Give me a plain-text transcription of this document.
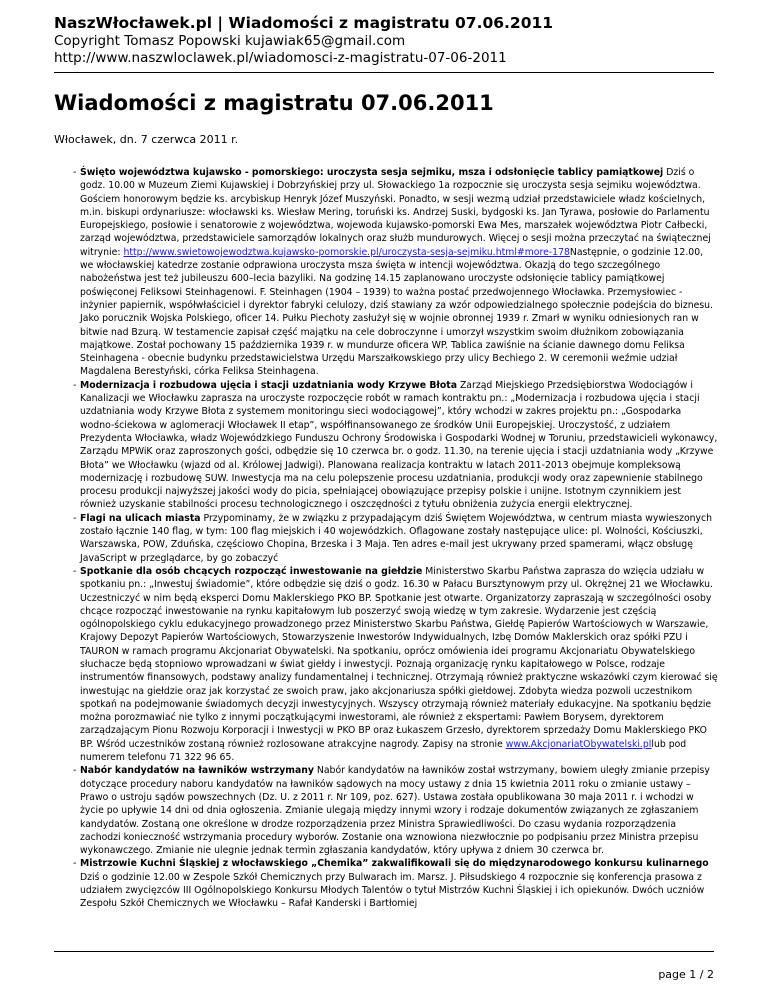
NaszWłocławek.pl | Wiadomości z magistratu 07.06.2011
Copyright Tomasz Popowski kujawiak65@gmail.com
http://www.naszwloclawek.pl/wiadomosci-z-magistratu-07-06-2011
Wiadomości z magistratu 07.06.2011
Włocławek, dn. 7 czerwca 2011 r.
- Święto województwa kujawsko - pomorskiego: uroczysta sesja sejmiku, msza i odsłonięcie tablicy pamiątkowej Dziś o godz. 10.00 w Muzeum Ziemi Kujawskiej i Dobrzyńskiej przy ul. Słowackiego 1a rozpocznie się uroczysta sesja sejmiku województwa. Gościem honorowym będzie ks. arcybiskup Henryk Józef Muszyński. Ponadto, w sesji wezmą udział przedstawiciele władz kościelnych, m.in. biskupi ordynariusze: włocławski ks. Wiesław Mering, toruński ks. Andrzej Suski, bydgoski ks. Jan Tyrawa, posłowie do Parlamentu Europejskiego, posłowie i senatorowie z województwa, wojewoda kujawsko-pomorski Ewa Mes, marszałek województwa Piotr Całbecki, zarząd województwa, przedstawiciele samorządów lokalnych oraz służb mundurowych. Więcej o sesji można przeczytać na świątecznej witrynie: http://www.swietowojewodztwa.kujawsko-pomorskie.pl/uroczysta-sesja-sejmiku.html#more-178Następnie, o godzinie 12.00, we włocławskiej katedrze zostanie odprawiona uroczysta msza święta w intencji województwa. Okazją do tego szczególnego nabożeństwa jest też jubileuszu 600–lecia bazyliki. Na godzinę 14.15 zaplanowano uroczyste odsłonięcie tablicy pamiątkowej poświęconej Feliksowi Steinhagenowi. F. Steinhagen (1904 – 1939) to ważna postać przedwojennego Włocławka. Przemysłowiec - inżynier papiernik, współwłaściciel i dyrektor fabryki celulozy, dziś stawiany za wzór odpowiedzialnego społecznie podejścia do biznesu. Jako porucznik Wojska Polskiego, oficer 14. Pułku Piechoty zasłużył się w wojnie obronnej 1939 r. Zmarł w wyniku odniesionych ran w bitwie nad Bzurą. W testamencie zapisał część majątku na cele dobroczynne i umorzył wszystkim swoim dłużnikom zobowiązania majątkowe. Został pochowany 15 października 1939 r. w mundurze oficera WP. Tablica zawiśnie na ścianie dawnego domu Feliksa Steinhagena - obecnie budynku przedstawicielstwa Urzędu Marszałkowskiego przy ulicy Bechiego 2. W ceremonii weźmie udział Magdalena Berestyński, córka Feliksa Steinhagena.
- Modernizacja i rozbudowa ujęcia i stacji uzdatniania wody Krzywe Błota Zarząd Miejskiego Przedsiębiorstwa Wodociągów i Kanalizacji we Włocławku zaprasza na uroczyste rozpoczęcie robót w ramach kontraktu pn.: „Modernizacja i rozbudowa ujęcia i stacji uzdatniania wody Krzywe Błota z systemem monitoringu sieci wodociągowej”, który wchodzi w zakres projektu pn.: „Gospodarka wodno-ściekowa w aglomeracji Włocławek II etap”, współfinansowanego ze środków Unii Europejskiej. Uroczystość, z udziałem Prezydenta Włocławka, władz Wojewódzkiego Funduszu Ochrony Środowiska i Gospodarki Wodnej w Toruniu, przedstawicieli wykonawcy, Zarządu MPWiK oraz zaproszonych gości, odbędzie się 10 czerwca br. o godz. 11.30, na terenie ujęcia i stacji uzdatniania wody „Krzywe Błota” we Włocławku (wjazd od al. Królowej Jadwigi). Planowana realizacja kontraktu w latach 2011-2013 obejmuje kompleksową modernizację i rozbudowę SUW. Inwestycja ma na celu polepszenie procesu uzdatniania, produkcji wody oraz zapewnienie stabilnego procesu produkcji najwyższej jakości wody do picia, spełniającej obowiązujące przepisy polskie i unijne. Istotnym czynnikiem jest również uzyskanie stabilności procesu technologicznego i oszczędności z tytułu obniżenia zużycia energii elektrycznej.
- Flagi na ulicach miasta Przypominamy, że w związku z przypadającym dziś Świętem Województwa, w centrum miasta wywieszonych zostało łącznie 140 flag, w tym: 100 flag miejskich i 40 wojewódzkich. Oflagowane zostały następujące ulice: pl. Wolności, Kościuszki, Warszawska, POW, Zduńska, częściowo Chopina, Brzeska i 3 Maja. Ten adres e-mail jest ukrywany przed spamerami, włącz obsługę JavaScript w przeglądarce, by go zobaczyć
- Spotkanie dla osób chcących rozpocząć inwestowanie na giełdzie Ministerstwo Skarbu Państwa zaprasza do wzięcia udziału w spotkaniu pn.: „Inwestuj świadomie”, które odbędzie się dziś o godz. 16.30 w Pałacu Bursztynowym przy ul. Okrężnej 21 we Włocławku. Uczestniczyć w nim będą eksperci Domu Maklerskiego PKO BP. Spotkanie jest otwarte. Organizatorzy zapraszają w szczególności osoby chcące rozpocząć inwestowanie na rynku kapitałowym lub poszerzyć swoją wiedzę w tym zakresie. Wydarzenie jest częścią ogólnopolskiego cyklu edukacyjnego prowadzonego przez Ministerstwo Skarbu Państwa, Giełdę Papierów Wartościowych w Warszawie, Krajowy Depozyt Papierów Wartościowych, Stowarzyszenie Inwestorów Indywidualnych, Izbę Domów Maklerskich oraz spółki PZU i TAURON w ramach programu Akcjonariat Obywatelski. Na spotkaniu, oprócz omówienia idei programu Akcjonariatu Obywatelskiego słuchacze będą stopniowo wprowadzani w świat giełdy i inwestycji. Poznają organizację rynku kapitałowego w Polsce, rodzaje instrumentów finansowych, podstawy analizy fundamentalnej i technicznej. Otrzymają również praktyczne wskazówki czym kierować się inwestując na giełdzie oraz jak korzystać ze swoich praw, jako akcjonariusza spółki giełdowej. Zdobyta wiedza pozwoli uczestnikom spotkań na podejmowanie świadomych decyzji inwestycyjnych. Wszyscy otrzymają również materiały edukacyjne. Na spotkaniu będzie można porozmawiać nie tylko z innymi początkującymi inwestorami, ale również z ekspertami: Pawłem Borysem, dyrektorem zarządzającym Pionu Rozwoju Korporacji i Inwestycji w PKO BP oraz Łukaszem Grzesło, dyrektorem sprzedaży Domu Maklerskiego PKO BP. Wśród uczestników zostaną również rozlosowane atrakcyjne nagrody. Zapisy na stronie www.AkcjonariatObywatelski.pllub pod numerem telefonu 71 322 96 65.
- Nabór kandydatów na ławników wstrzymany Nabór kandydatów na ławników został wstrzymany, bowiem uległy zmianie przepisy dotyczące procedury naboru kandydatów na ławników sądowych na mocy ustawy z dnia 15 kwietnia 2011 roku o zmianie ustawy – Prawo o ustroju sądów powszechnych (Dz. U. z 2011 r. Nr 109, poz. 627). Ustawa została opublikowana 30 maja 2011 r. i wchodzi w życie po upływie 14 dni od dnia ogłoszenia. Zmianie ulegają między innymi wzory i rodzaje dokumentów związanych ze zgłaszaniem kandydatów. Zostaną one określone w drodze rozporządzenia przez Ministra Sprawiedliwości. Do czasu wydania rozporządzenia zachodzi konieczność wstrzymania procedury wyborów. Zostanie ona wznowiona niezwłocznie po podpisaniu przez Ministra przepisu wykonawczego. Zmianie nie ulegnie jednak termin zgłaszania kandydatów, który upływa z dniem 30 czerwca br.
- Mistrzowie Kuchni Śląskiej z włocławskiego „Chemika” zakwalifikowali się do międzynarodowego konkursu kulinarnego Dziś o godzinie 12.00 w Zespole Szkół Chemicznych przy Bulwarach im. Marsz. J. Piłsudskiego 4 rozpocznie się konferencja prasowa z udziałem zwycięzców III Ogólnopolskiego Konkursu Młodych Talentów o tytuł Mistrzów Kuchni Śląskiej i ich opiekunów. Dwóch uczniów Zespołu Szkół Chemicznych we Włocławku – Rafał Kanderski i Bartłomiej
page 1 / 2
